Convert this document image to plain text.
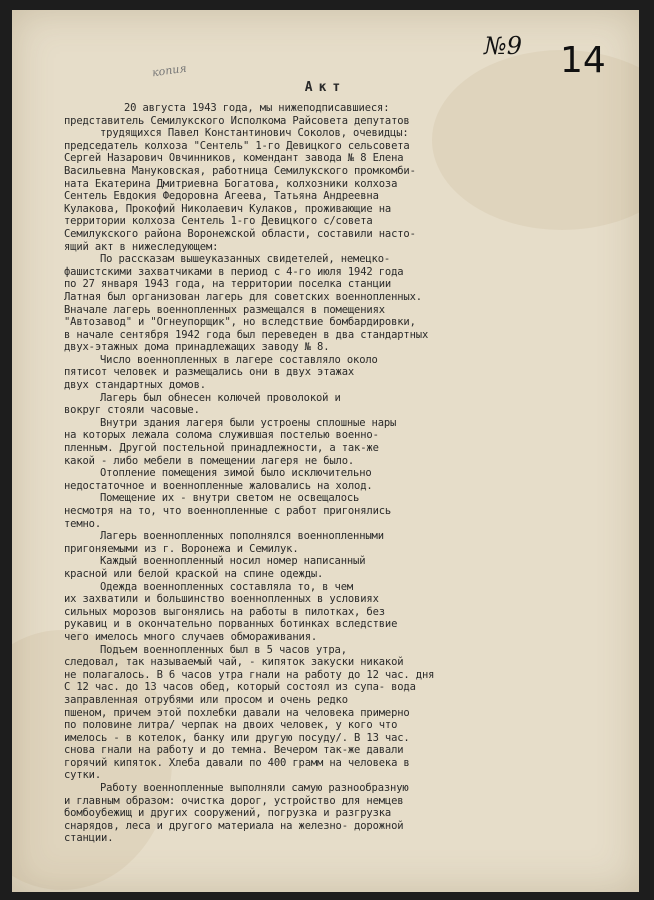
№9 14
копия
Акт
20 августа 1943 года, мы нижеподписавшиеся:
представитель Семилукского Исполкома Райсовета депутатов
трудящихся Павел Константинович Соколов, очевидцы:
председатель колхоза "Сентель" 1-го Девицкого сельсовета
Сергей Назарович Овчинников, комендант завода № 8 Елена
Васильевна Мануковская, работница Семилукского промкомби-
ната Екатерина Дмитриевна Богатова, колхозники колхоза
Сентель Евдокия Федоровна Агеева, Татьяна Андреевна
Кулакова, Прокофий Николаевич Кулаков, проживающие на
территории колхоза Сентель 1-го Девицкого с/совета
Семилукского района Воронежской области, составили насто-
ящий акт в нижеследующем:
По рассказам вышеуказанных свидетелей, немецко-
фашистскими захватчиками в период с 4-го июля 1942 года
по 27 января 1943 года, на территории поселка станции
Латная был организован лагерь для советских военнопленных.
Вначале лагерь военнопленных размещался в помещениях
"Автозавод" и "Огнеупорщик", но вследствие бомбардировки,
в начале сентября 1942 года был переведен в два стандартных
двух-этажных дома принадлежащих заводу № 8.
Число военнопленных в лагере составляло около
пятисот человек и размещались они в двух этажах
двух стандартных домов.
Лагерь был обнесен колючей проволокой и
вокруг стояли часовые.
Внутри здания лагеря были устроены сплошные нары
на которых лежала солома служившая постелью военно-
пленным. Другой постельной принадлежности, а так-же
какой - либо мебели в помещении лагеря не было.
Отопление помещения зимой было исключительно
недостаточное и военнопленные жаловались на холод.
Помещение их - внутри светом не освещалось
несмотря на то, что военнопленные с работ пригонялись
темно.
Лагерь военнопленных пополнялся военнопленными
пригоняемыми из г. Воронежа и Семилук.
Каждый военнопленный носил номер написанный
красной или белой краской на спине одежды.
Одежда военнопленных составляла то, в чем
их захватили и большинство военнопленных в условиях
сильных морозов выгонялись на работы в пилотках, без
рукавиц и в окончательно порванных ботинках вследствие
чего имелось много случаев обмораживания.
Подъем военнопленных был в 5 часов утра,
следовал, так называемый чай, - кипяток закуски никакой
не полагалось. В 6 часов утра гнали на работу до 12 час. дня
С 12 час. до 13 часов обед, который состоял из супа- вода
заправленная отрубями или просом и очень редко
пшеном, причем этой похлебки давали на человека примерно
по половине литра/ черпак на двоих человек, у кого что
имелось - в котелок, банку или другую посуду/. В 13 час.
снова гнали на работу и до темна. Вечером так-же давали
горячий кипяток. Хлеба давали по 400 грамм на человека в
сутки.
Работу военнопленные выполняли самую разнообразную
и главным образом: очистка дорог, устройство для немцев
бомбоубежищ и других сооружений, погрузка и разгрузка
снарядов, леса и другого материала на железно- дорожной
станции.
